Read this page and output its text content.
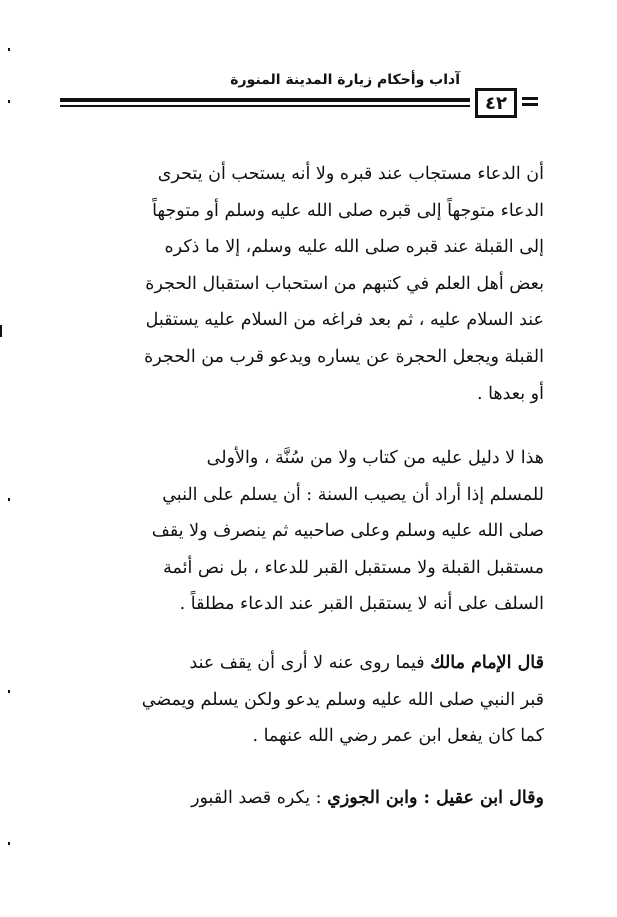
آداب وأحكام زيارة المدينة المنورة
٤٢
أن الدعاء مستجاب عند قبره ولا أنه يستحب أن يتحرى
الدعاء متوجهاً إلى قبره صلى الله عليه وسلم أو متوجهاً
إلى القبلة عند قبره صلى الله عليه وسلم، إلا ما ذكره
بعض أهل العلم في كتبهم من استحباب استقبال الحجرة
عند السلام عليه ، ثم بعد فراغه من السلام عليه يستقبل
القبلة ويجعل الحجرة عن يساره ويدعو قرب من الحجرة
أو بعدها .
هذا لا دليل عليه من كتاب ولا من سُنَّة ، والأولى
للمسلم إذا أراد أن يصيب السنة : أن يسلم على النبي
صلى الله عليه وسلم وعلى صاحبيه ثم ينصرف ولا يقف
مستقبل القبلة ولا مستقبل القبر للدعاء ، بل نص أئمة
السلف على أنه لا يستقبل القبر عند الدعاء مطلقاً .
قال الإمام مالك فيما روى عنه لا أرى أن يقف عند
قبر النبي صلى الله عليه وسلم يدعو ولكن يسلم ويمضي
كما كان يفعل ابن عمر رضي الله عنهما .
وقال ابن عقيل : وابن الجوزي : يكره قصد القبور
